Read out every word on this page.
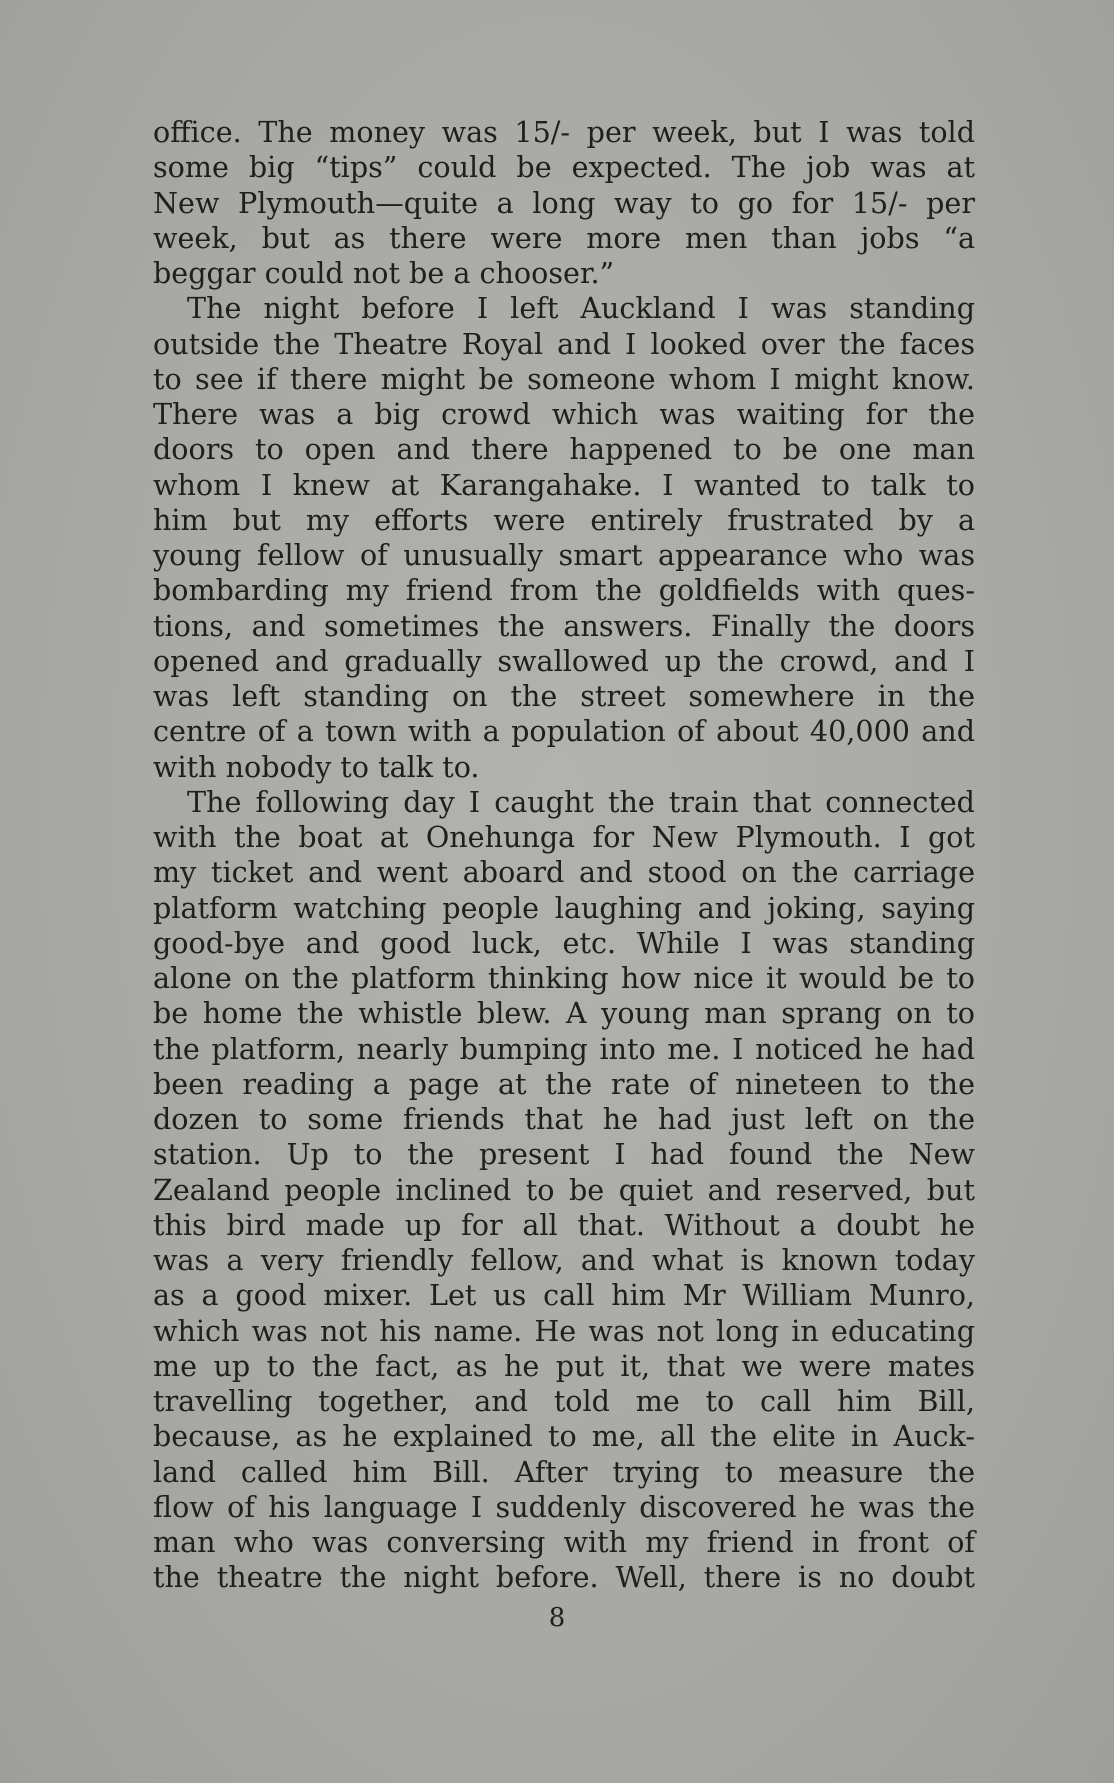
office. The money was 15/- per week, but I was told
some big “tips” could be expected. The job was at
New Plymouth—quite a long way to go for 15/- per
week, but as there were more men than jobs “a
beggar could not be a chooser.”
The night before I left Auckland I was standing
outside the Theatre Royal and I looked over the faces
to see if there might be someone whom I might know.
There was a big crowd which was waiting for the
doors to open and there happened to be one man
whom I knew at Karangahake. I wanted to talk to
him but my efforts were entirely frustrated by a
young fellow of unusually smart appearance who was
bombarding my friend from the goldfields with ques-
tions, and sometimes the answers. Finally the doors
opened and gradually swallowed up the crowd, and I
was left standing on the street somewhere in the
centre of a town with a population of about 40,000 and
with nobody to talk to.
The following day I caught the train that connected
with the boat at Onehunga for New Plymouth. I got
my ticket and went aboard and stood on the carriage
platform watching people laughing and joking, saying
good-bye and good luck, etc. While I was standing
alone on the platform thinking how nice it would be to
be home the whistle blew. A young man sprang on to
the platform, nearly bumping into me. I noticed he had
been reading a page at the rate of nineteen to the
dozen to some friends that he had just left on the
station. Up to the present I had found the New
Zealand people inclined to be quiet and reserved, but
this bird made up for all that. Without a doubt he
was a very friendly fellow, and what is known today
as a good mixer. Let us call him Mr William Munro,
which was not his name. He was not long in educating
me up to the fact, as he put it, that we were mates
travelling together, and told me to call him Bill,
because, as he explained to me, all the elite in Auck-
land called him Bill. After trying to measure the
flow of his language I suddenly discovered he was the
man who was conversing with my friend in front of
the theatre the night before. Well, there is no doubt
8
